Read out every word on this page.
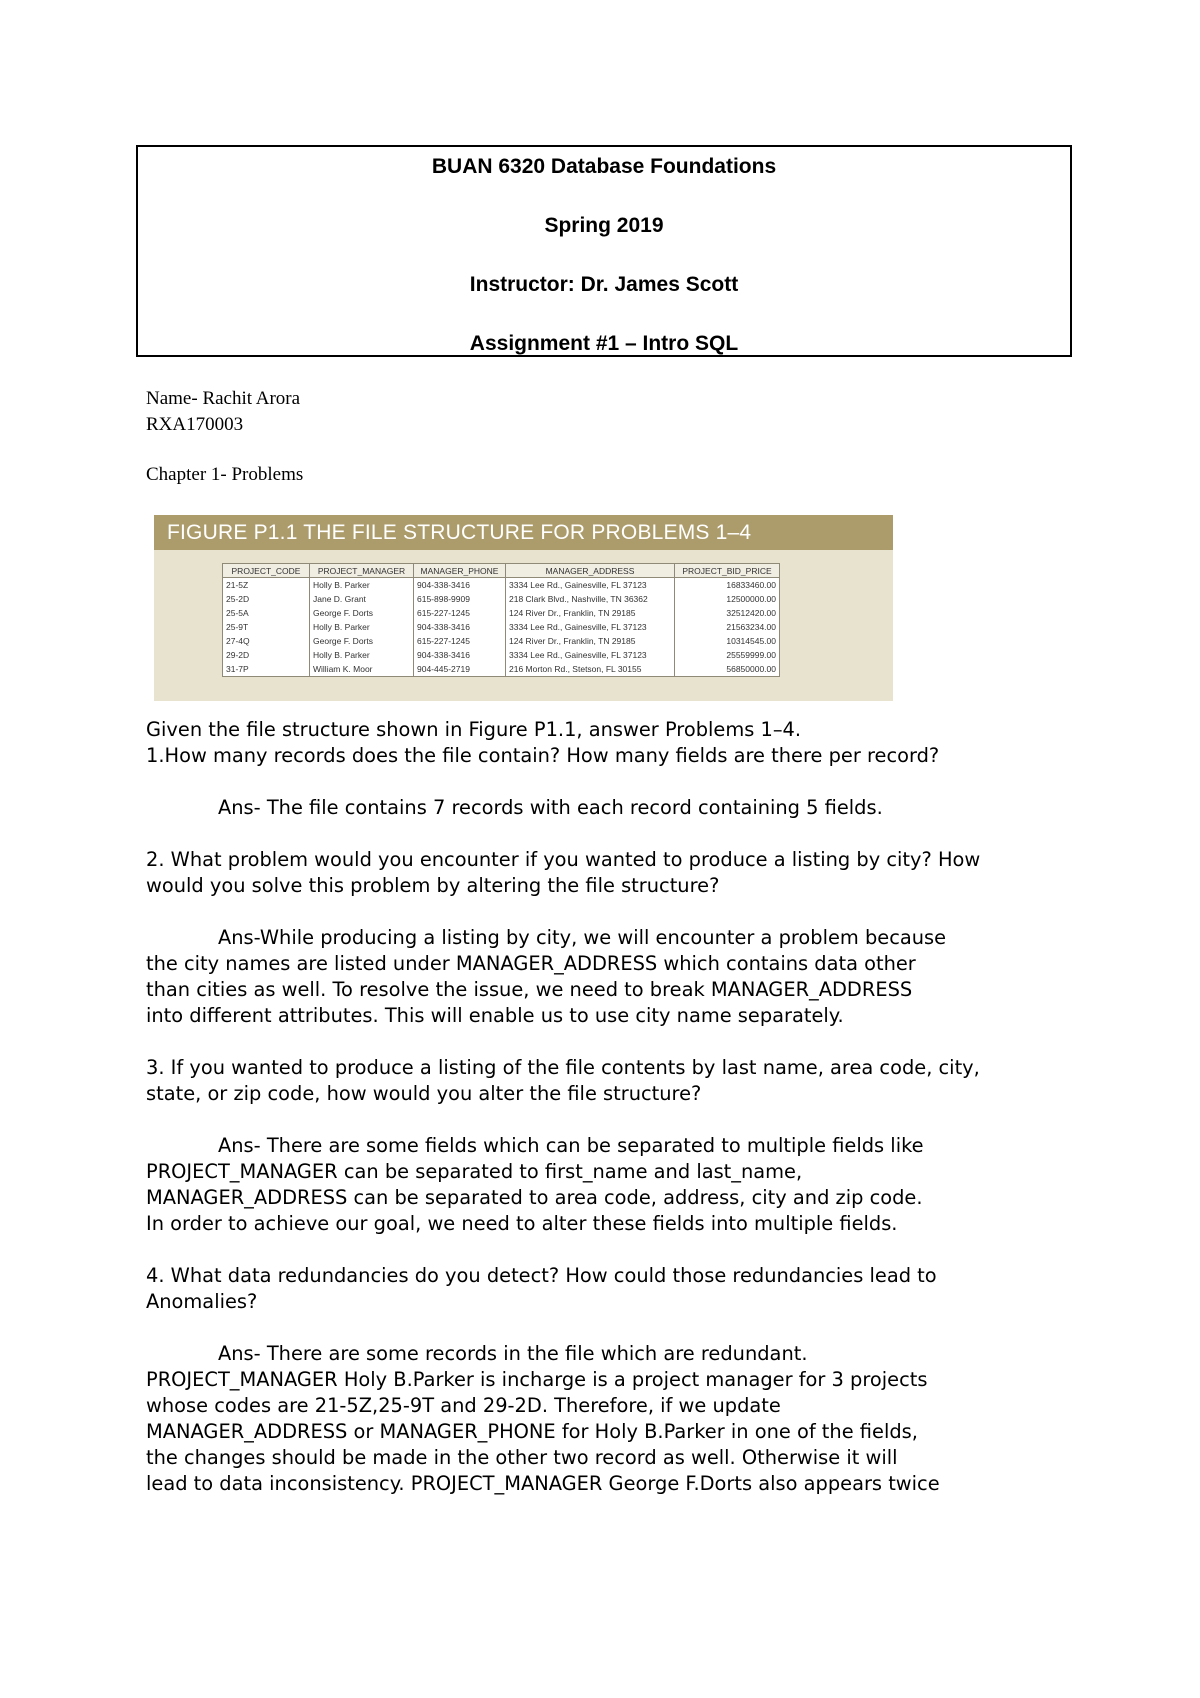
BUAN 6320 Database Foundations
Spring 2019
Instructor: Dr. James Scott
Assignment #1 – Intro SQL
Name- Rachit Arora
RXA170003
Chapter 1- Problems
FIGURE P1.1 THE FILE STRUCTURE FOR PROBLEMS 1–4
PROJECT_CODE	PROJECT_MANAGER	MANAGER_PHONE	MANAGER_ADDRESS	PROJECT_BID_PRICE
21-5Z	Holly B. Parker	904-338-3416	3334 Lee Rd., Gainesville, FL 37123	16833460.00
25-2D	Jane D. Grant	615-898-9909	218 Clark Blvd., Nashville, TN 36362	12500000.00
25-5A	George F. Dorts	615-227-1245	124 River Dr., Franklin, TN 29185	32512420.00
25-9T	Holly B. Parker	904-338-3416	3334 Lee Rd., Gainesville, FL 37123	21563234.00
27-4Q	George F. Dorts	615-227-1245	124 River Dr., Franklin, TN 29185	10314545.00
29-2D	Holly B. Parker	904-338-3416	3334 Lee Rd., Gainesville, FL 37123	25559999.00
31-7P	William K. Moor	904-445-2719	216 Morton Rd., Stetson, FL 30155	56850000.00

Given the file structure shown in Figure P1.1, answer Problems 1–4.

1.How many records does the file contain? How many fields are there per record?

Ans- The file contains 7 records with each record containing 5 fields.

2. What problem would you encounter if you wanted to produce a listing by city? How

would you solve this problem by altering the file structure?

Ans-While producing a listing by city, we will encounter a problem because

the city names are listed under MANAGER_ADDRESS which contains data other

than cities as well. To resolve the issue, we need to break MANAGER_ADDRESS

into different attributes. This will enable us to use city name separately.

3. If you wanted to produce a listing of the file contents by last name, area code, city,

state, or zip code, how would you alter the file structure?

Ans- There are some fields which can be separated to multiple fields like

PROJECT_MANAGER can be separated to first_name and last_name,

MANAGER_ADDRESS can be separated to area code, address, city and zip code.

In order to achieve our goal, we need to alter these fields into multiple fields.

4. What data redundancies do you detect? How could those redundancies lead to

Anomalies?

Ans- There are some records in the file which are redundant.

PROJECT_MANAGER Holy B.Parker is incharge is a project manager for 3 projects

whose codes are 21-5Z,25-9T and 29-2D. Therefore, if we update

MANAGER_ADDRESS or MANAGER_PHONE for Holy B.Parker in one of the fields,

the changes should be made in the other two record as well. Otherwise it will

lead to data inconsistency. PROJECT_MANAGER George F.Dorts also appears twice
